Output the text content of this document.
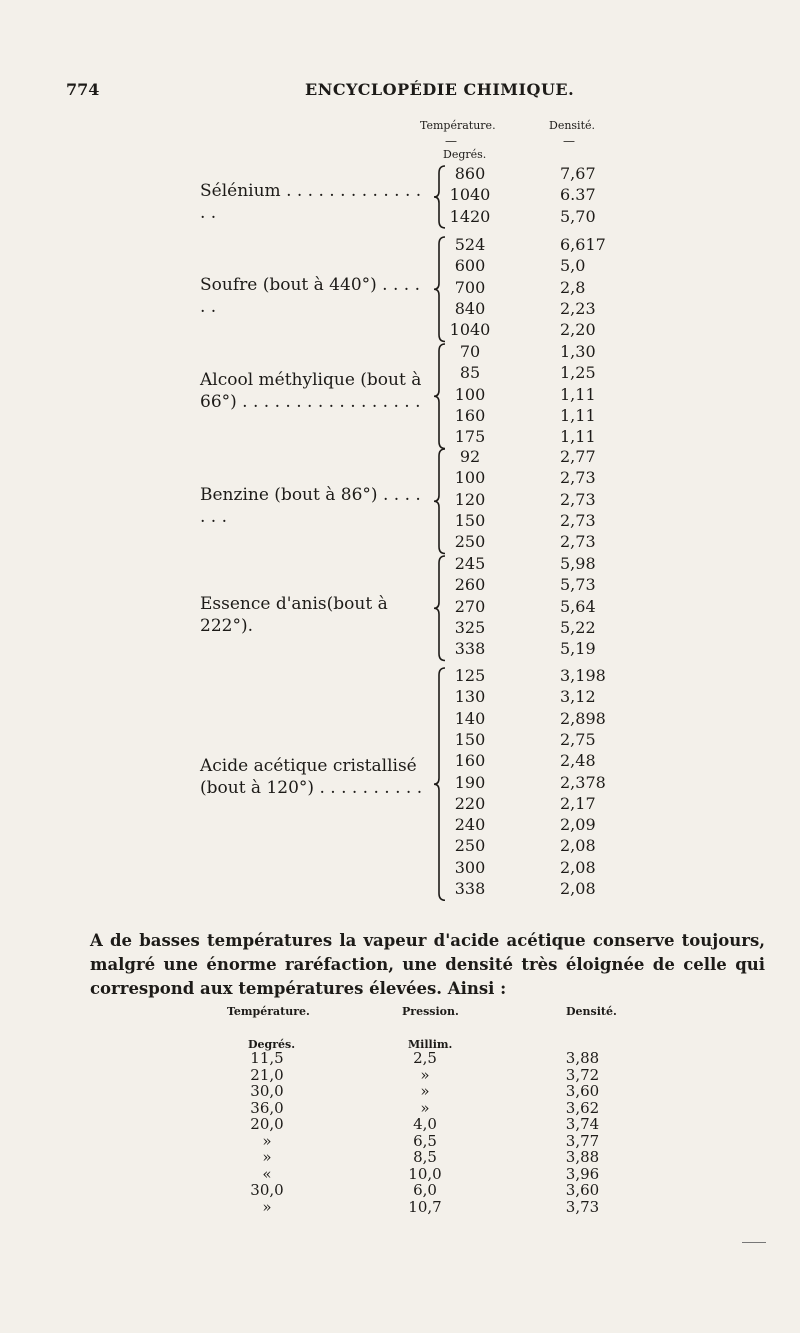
774	ENCYCLOPÉDIE CHIMIQUE.
Température.	Densité.
—	—
Degrés.
Sélénium . . . . . . . . . . . . . . .
860	7,67
1040	6.37
1420	5,70
Soufre (bout à 440°) . . . . . .
524	6,617
600	5,0
700	2,8
840	2,23
1040	2,20
Alcool méthylique (bout à 66°) . . . . . . . . . . . . . . . . .
70	1,30
85	1,25
100	1,11
160	1,11
175	1,11
Benzine (bout à 86°) . . . . . . .
92	2,77
100	2,73
120	2,73
150	2,73
250	2,73
Essence d'anis(bout à 222°).
245	5,98
260	5,73
270	5,64
325	5,22
338	5,19
Acide acétique cristallisé (bout à 120°) . . . . . . . . . .
125	3,198
130	3,12
140	2,898
150	2,75
160	2,48
190	2,378
220	2,17
240	2,09
250	2,08
300	2,08
338	2,08

A de basses températures la vapeur d'acide acétique conserve toujours, malgré une énorme raréfaction, une densité très éloignée de celle qui correspond aux températures élevées. Ainsi :

Température.	Pression.	Densité.
Degrés.	Millim.
11,5	2,5	3,88
21,0	»	3,72
30,0	»	3,60
36,0	»	3,62
20,0	4,0	3,74
»	6,5	3,77
»	8,5	3,88
«	10,0	3,96
30,0	6,0	3,60
»	10,7	3,73
